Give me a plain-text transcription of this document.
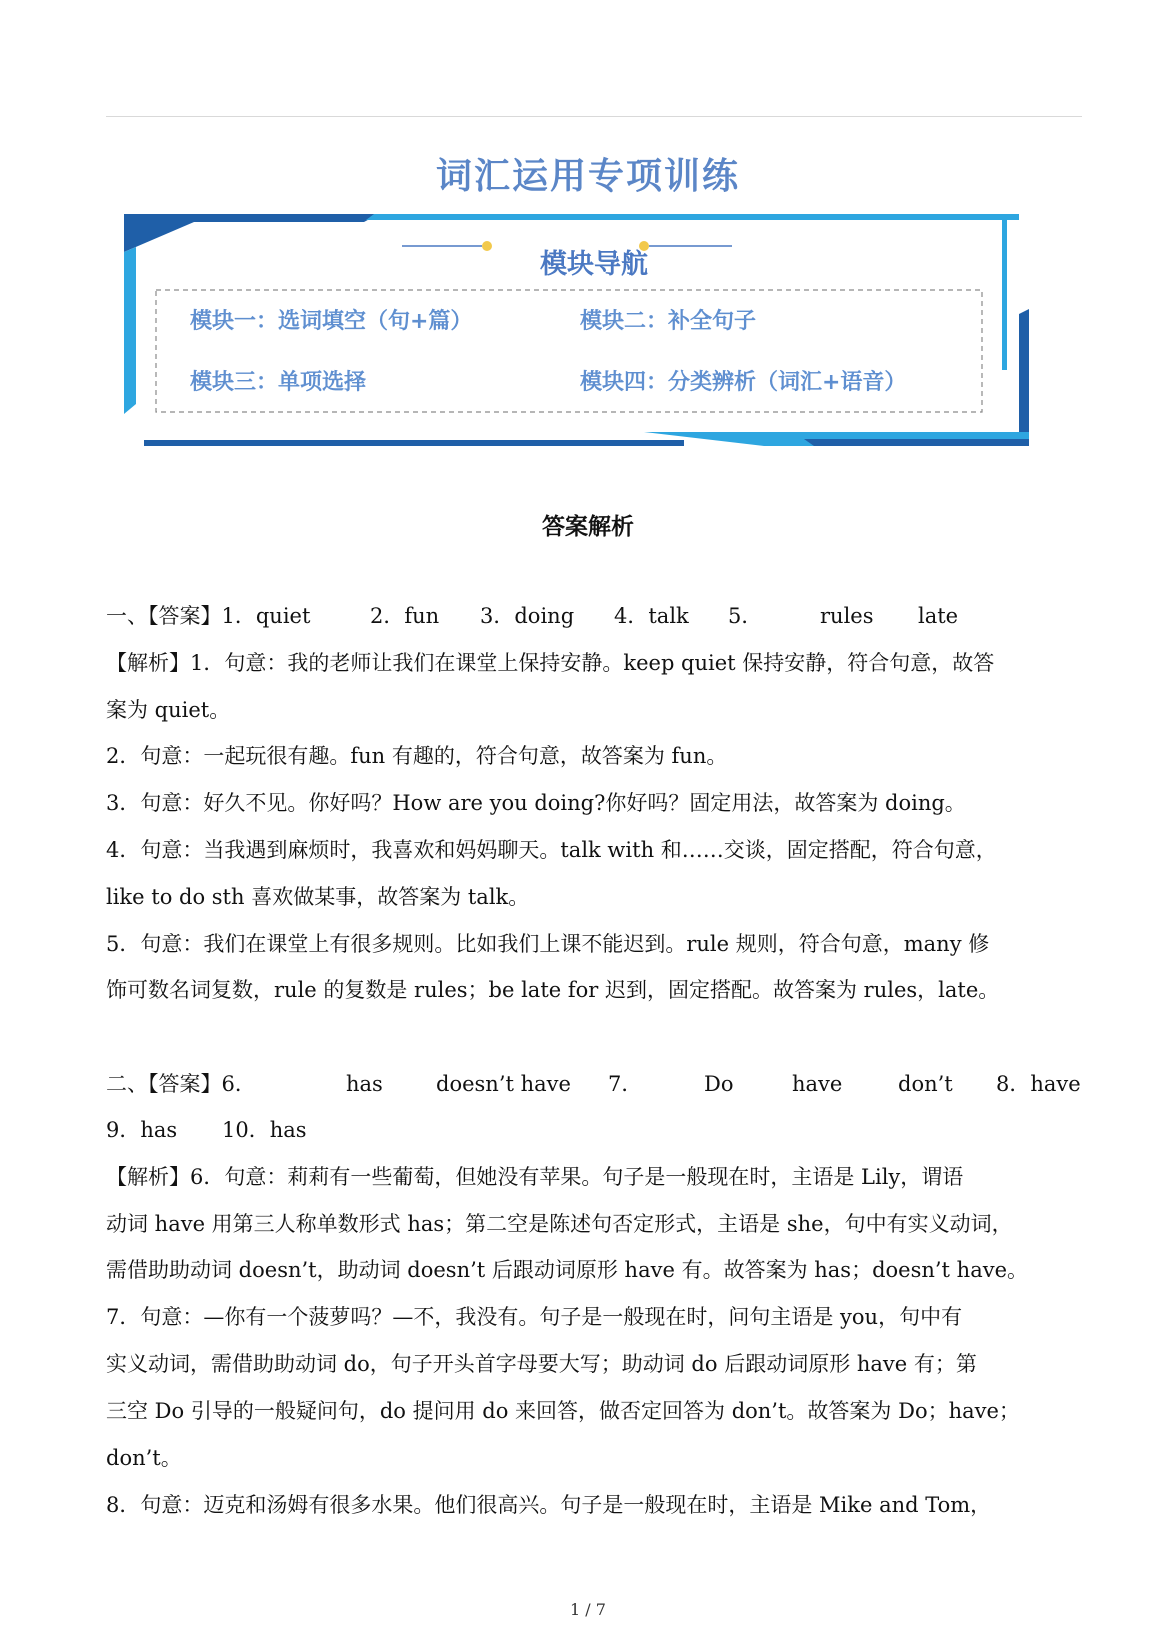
词汇运用专项训练
模块导航
模块一：选词填空（句+篇）	模块二：补全句子
模块三：单项选择	模块四：分类辨析（词汇+语音）
答案解析
一、【答案】1．quiet	2．fun 3．doing 4．talk 5．	rules late
【解析】1．句意：我的老师让我们在课堂上保持安静。keep quiet 保持安静，符合句意，故答
案为 quiet。
2．句意：一起玩很有趣。fun 有趣的，符合句意，故答案为 fun。
3．句意：好久不见。你好吗？How are you doing?你好吗？固定用法，故答案为 doing。
4．句意：当我遇到麻烦时，我喜欢和妈妈聊天。talk with 和……交谈，固定搭配，符合句意，
like to do sth 喜欢做某事，故答案为 talk。
5．句意：我们在课堂上有很多规则。比如我们上课不能迟到。rule 规则，符合句意，many 修
饰可数名词复数，rule 的复数是 rules；be late for 迟到，固定搭配。故答案为 rules，late。
二、【答案】6．	has	doesn’t have 7．	Do	have	don’t 8．have
9．has 10．has
【解析】6．句意：莉莉有一些葡萄，但她没有苹果。句子是一般现在时，主语是 Lily，谓语
动词 have 用第三人称单数形式 has；第二空是陈述句否定形式，主语是 she，句中有实义动词，
需借助助动词 doesn’t，助动词 doesn’t 后跟动词原形 have 有。故答案为 has；doesn’t have。
7．句意：—你有一个菠萝吗？—不，我没有。句子是一般现在时，问句主语是 you，句中有
实义动词，需借助助动词 do，句子开头首字母要大写；助动词 do 后跟动词原形 have 有；第
三空 Do 引导的一般疑问句，do 提问用 do 来回答，做否定回答为 don’t。故答案为 Do；have；
don’t。
8．句意：迈克和汤姆有很多水果。他们很高兴。句子是一般现在时，主语是 Mike and Tom，
1 / 7
